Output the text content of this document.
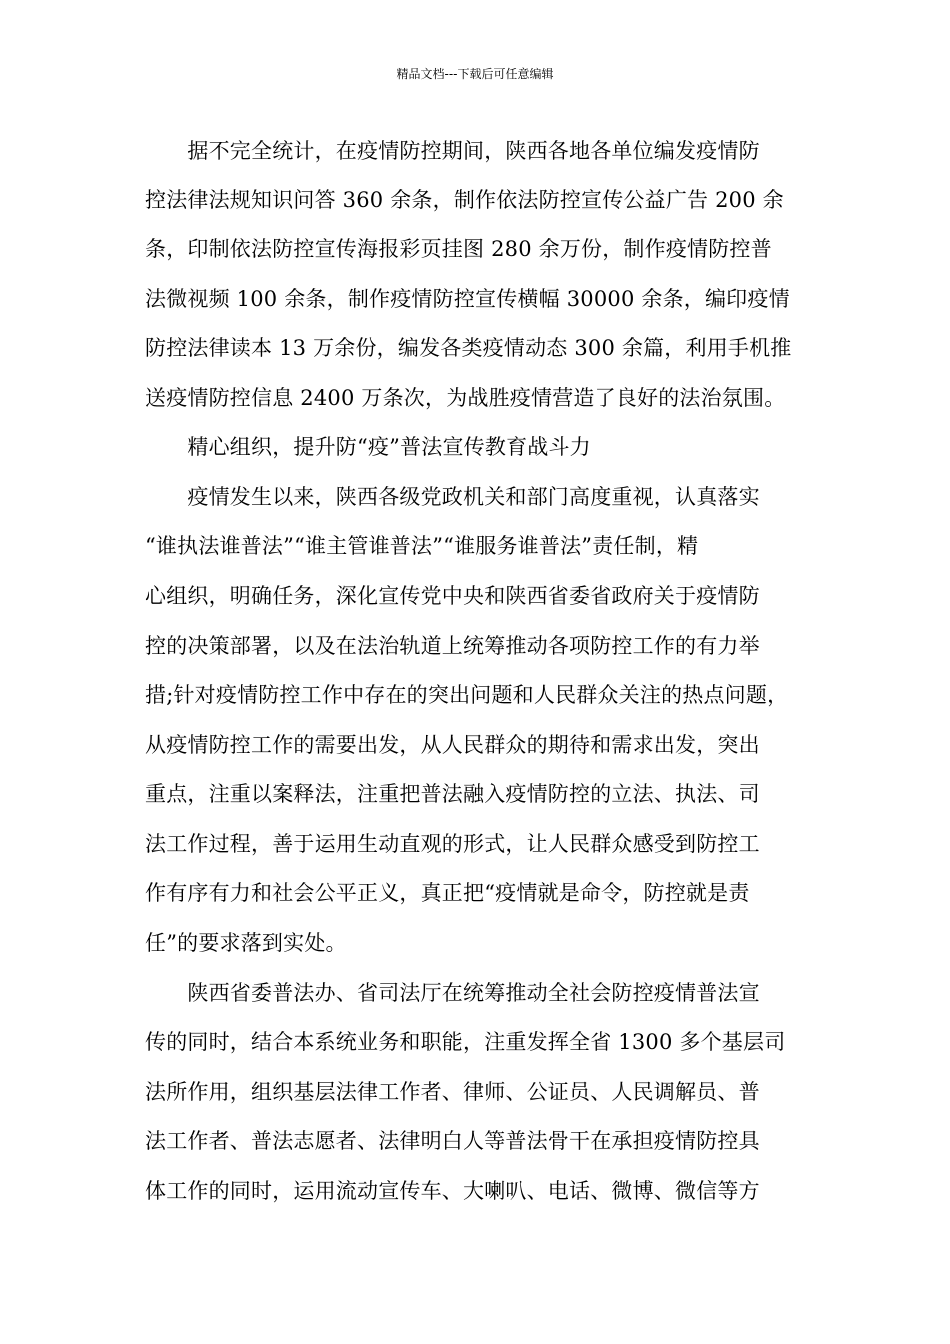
精品文档---下载后可任意编辑
　　据不完全统计，在疫情防控期间，陕西各地各单位编发疫情防
控法律法规知识问答 360 余条，制作依法防控宣传公益广告 200 余
条，印制依法防控宣传海报彩页挂图 280 余万份，制作疫情防控普
法微视频 100 余条，制作疫情防控宣传横幅 30000 余条，编印疫情
防控法律读本 13 万余份，编发各类疫情动态 300 余篇，利用手机推
送疫情防控信息 2400 万条次，为战胜疫情营造了良好的法治氛围。
　　精心组织，提升防“疫”普法宣传教育战斗力
　　疫情发生以来，陕西各级党政机关和部门高度重视，认真落实
“谁执法谁普法”“谁主管谁普法”“谁服务谁普法”责任制，精
心组织，明确任务，深化宣传党中央和陕西省委省政府关于疫情防
控的决策部署，以及在法治轨道上统筹推动各项防控工作的有力举
措;针对疫情防控工作中存在的突出问题和人民群众关注的热点问题，
从疫情防控工作的需要出发，从人民群众的期待和需求出发，突出
重点，注重以案释法，注重把普法融入疫情防控的立法、执法、司
法工作过程，善于运用生动直观的形式，让人民群众感受到防控工
作有序有力和社会公平正义，真正把“疫情就是命令，防控就是责
任”的要求落到实处。
　　陕西省委普法办、省司法厅在统筹推动全社会防控疫情普法宣
传的同时，结合本系统业务和职能，注重发挥全省 1300 多个基层司
法所作用，组织基层法律工作者、律师、公证员、人民调解员、普
法工作者、普法志愿者、法律明白人等普法骨干在承担疫情防控具
体工作的同时，运用流动宣传车、大喇叭、电话、微博、微信等方
